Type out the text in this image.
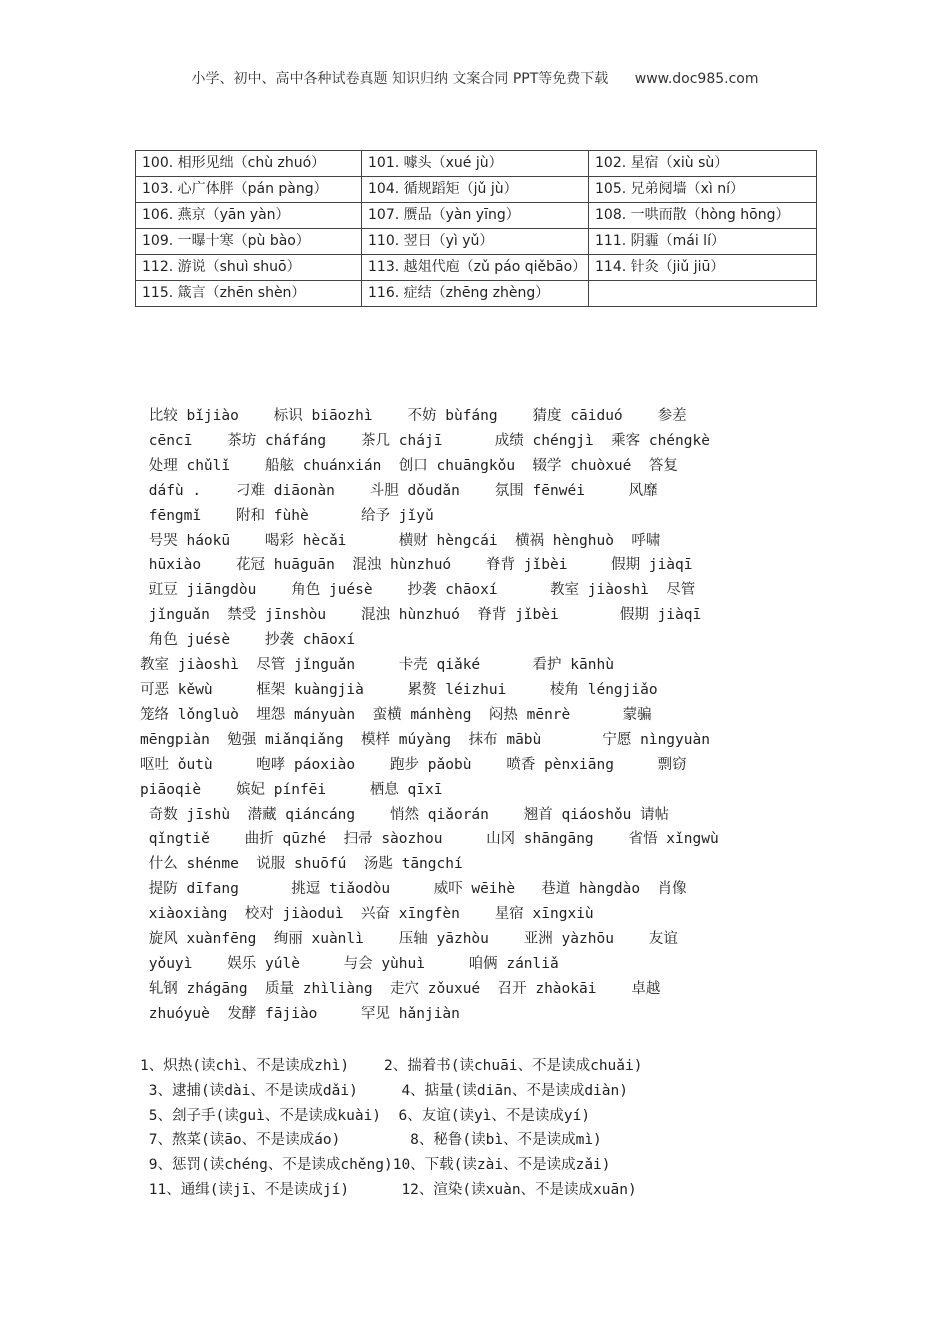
小学、初中、高中各种试卷真题 知识归纳 文案合同 PPT等免费下载 www.doc985.com
100. 相形见绌（chù zhuó）	101. 噱头（xué jù）	102. 星宿（xiù sù）
103. 心广体胖（pán pàng）	104. 循规蹈矩（jǔ jù）	105. 兄弟阋墙（xì ní）
106. 燕京（yān yàn）	107. 赝品（yàn yīng）	108. 一哄而散（hòng hōng）
109. 一曝十寒（pù bào）	110. 翌日（yì yǔ）	111. 阴霾（mái lí）
112. 游说（shuì shuō）	113. 越俎代庖（zǔ páo qiěbāo）	114. 针灸（jiǔ jiū）
115. 箴言（zhēn shèn）	116. 症结（zhēng zhèng）	
比较 bǐjiào    标识 biāozhì    不妨 bùfáng    猜度 cāiduó    参差
cēncī    茶坊 cháfáng    茶几 chájī      成绩 chéngjì  乘客 chéngkè
处理 chǔlǐ    船舷 chuánxián  创口 chuāngkǒu  辍学 chuòxué  答复
dáfù .    刁难 diāonàn    斗胆 dǒudǎn    氛围 fēnwéi     风靡
fēngmǐ    附和 fùhè      给予 jǐyǔ
号哭 háokū    喝彩 hècǎi      横财 hèngcái  横祸 hènghuò  呼啸
hūxiào    花冠 huāguān  混浊 hùnzhuó    脊背 jǐbèi     假期 jiàqī
豇豆 jiāngdòu    角色 juésè    抄袭 chāoxí      教室 jiàoshì  尽管
jǐnguǎn  禁受 jīnshòu    混浊 hùnzhuó  脊背 jǐbèi       假期 jiàqī
角色 juésè    抄袭 chāoxí
教室 jiàoshì  尽管 jǐnguǎn     卡壳 qiǎké      看护 kānhù
可恶 kěwù     框架 kuàngjià     累赘 léizhui     棱角 léngjiǎo
笼络 lǒngluò  埋怨 mányuàn  蛮横 mánhèng  闷热 mēnrè      蒙骗
mēngpiàn  勉强 miǎnqiǎng  模样 múyàng  抹布 mābù       宁愿 nìngyuàn
呕吐 ǒutù     咆哮 páoxiào    跑步 pǎobù    喷香 pènxiāng     剽窃
piāoqiè    嫔妃 pínfēi     栖息 qīxī
奇数 jīshù  潜藏 qiáncáng    悄然 qiǎorán    翘首 qiáoshǒu 请帖
qǐngtiě    曲折 qūzhé  扫帚 sàozhou     山冈 shāngāng    省悟 xǐngwù
什么 shénme  说服 shuōfú  汤匙 tāngchí
提防 dīfang      挑逗 tiǎodòu     威吓 wēihè   巷道 hàngdào  肖像
xiàoxiàng  校对 jiàoduì  兴奋 xīngfèn    星宿 xīngxiù
旋风 xuànfēng  绚丽 xuànlì    压轴 yāzhòu    亚洲 yàzhōu    友谊
yǒuyì    娱乐 yúlè     与会 yùhuì     咱俩 zánliǎ
轧钢 zhágāng  质量 zhìliàng  走穴 zǒuxué  召开 zhàokāi    卓越
zhuóyuè  发酵 fājiào     罕见 hǎnjiàn
1、炽热(读chì、不是读成zhì)    2、揣着书(读chuāi、不是读成chuǎi)
3、逮捕(读dài、不是读成dǎi)     4、掂量(读diān、不是读成diàn)
5、刽子手(读guì、不是读成kuài)  6、友谊(读yì、不是读成yí)
7、熬菜(读āo、不是读成áo)        8、秘鲁(读bì、不是读成mì)
9、惩罚(读chéng、不是读成chěng)10、下载(读zài、不是读成zǎi)
11、通缉(读jī、不是读成jí)      12、渲染(读xuàn、不是读成xuān)
